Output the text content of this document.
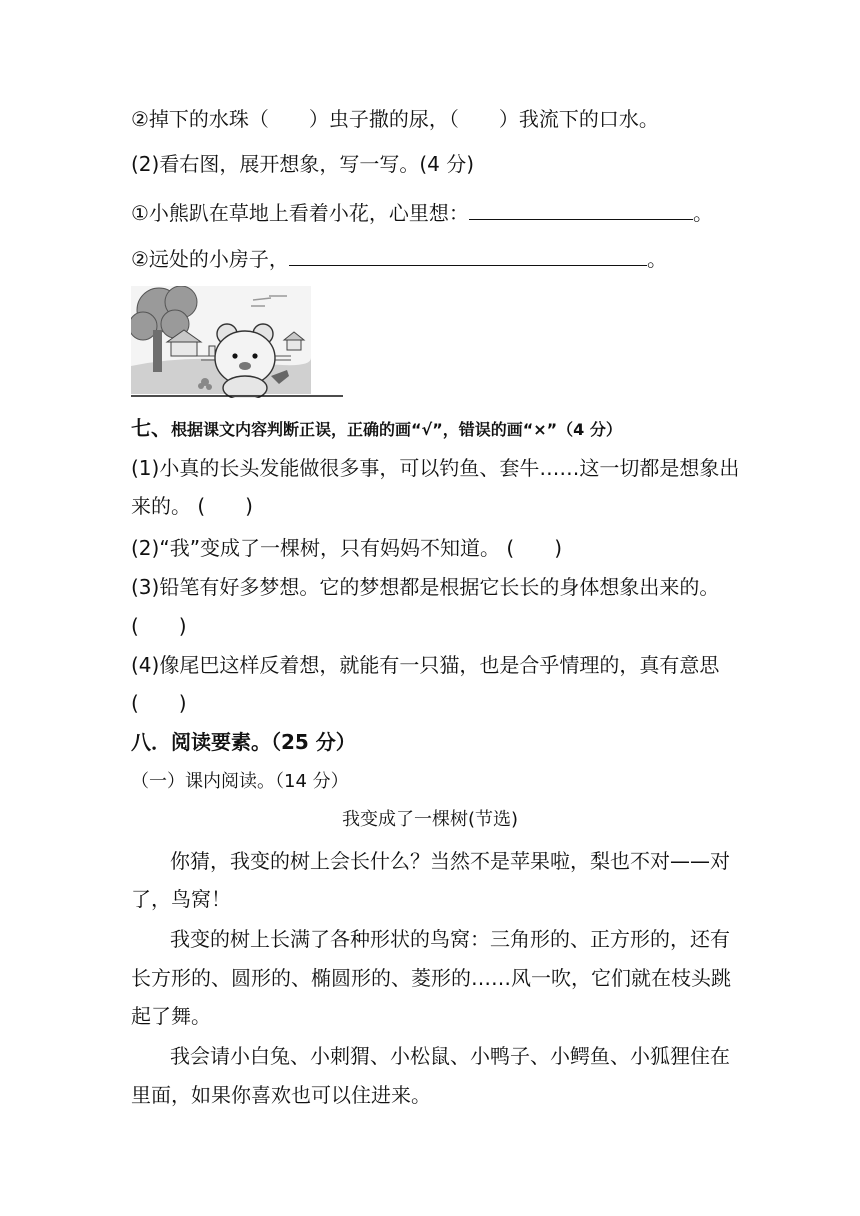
②掉下的水珠（　　）虫子撒的尿，（　　）我流下的口水。
(2)看右图，展开想象，写一写。(4 分)
①小熊趴在草地上看着小花，心里想：	。
②远处的小房子，	。
七、根据课文内容判断正误，正确的画“√”，错误的画“×”（4 分）
(1)小真的长头发能做很多事，可以钓鱼、套牛……这一切都是想象出
来的。 (　　)
(2)“我”变成了一棵树，只有妈妈不知道。 (　　)
(3)铅笔有好多梦想。它的梦想都是根据它长长的身体想象出来的。
(　　)
(4)像尾巴这样反着想，就能有一只猫，也是合乎情理的，真有意思
(　　)
八．阅读要素。（25 分）
（一）课内阅读。（14 分）
我变成了一棵树(节选)
你猜，我变的树上会长什么？当然不是苹果啦，梨也不对——对
了，鸟窝！
我变的树上长满了各种形状的鸟窝：三角形的、正方形的，还有
长方形的、圆形的、椭圆形的、菱形的……风一吹，它们就在枝头跳
起了舞。
我会请小白兔、小刺猬、小松鼠、小鸭子、小鳄鱼、小狐狸住在
里面，如果你喜欢也可以住进来。
